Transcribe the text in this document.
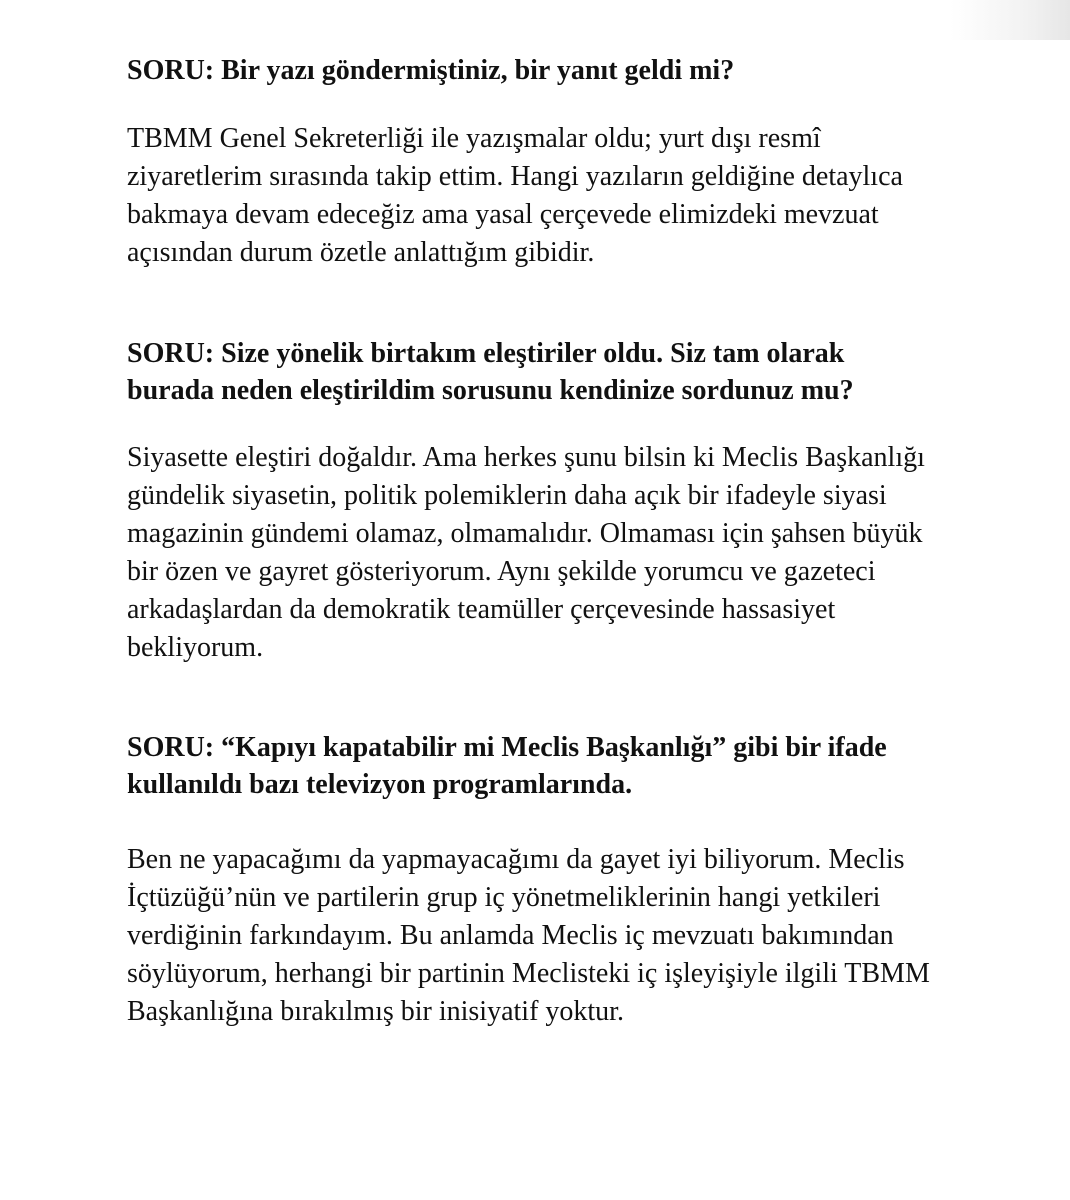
SORU: Bir yazı göndermiştiniz, bir yanıt geldi mi?

TBMM Genel Sekreterliği ile yazışmalar oldu; yurt dışı resmî ziyaretlerim sırasında takip ettim. Hangi yazıların geldiğine detaylıca bakmaya devam edeceğiz ama yasal çerçevede elimizdeki mevzuat açısından durum özetle anlattığım gibidir.

SORU: Size yönelik birtakım eleştiriler oldu. Siz tam olarak burada neden eleştirildim sorusunu kendinize sordunuz mu?

Siyasette eleştiri doğaldır. Ama herkes şunu bilsin ki Meclis Başkanlığı gündelik siyasetin, politik polemiklerin daha açık bir ifadeyle siyasi magazinin gündemi olamaz, olmamalıdır. Olmaması için şahsen büyük bir özen ve gayret gösteriyorum. Aynı şekilde yorumcu ve gazeteci arkadaşlardan da demokratik teamüller çerçevesinde hassasiyet bekliyorum.

SORU: “Kapıyı kapatabilir mi Meclis Başkanlığı” gibi bir ifade kullanıldı bazı televizyon programlarında.

Ben ne yapacağımı da yapmayacağımı da gayet iyi biliyorum. Meclis İçtüzüğü’nün ve partilerin grup iç yönetmeliklerinin hangi yetkileri verdiğinin farkındayım. Bu anlamda Meclis iç mevzuatı bakımından söylüyorum, herhangi bir partinin Meclisteki iç işleyişiyle ilgili TBMM Başkanlığına bırakılmış bir inisiyatif yoktur.
